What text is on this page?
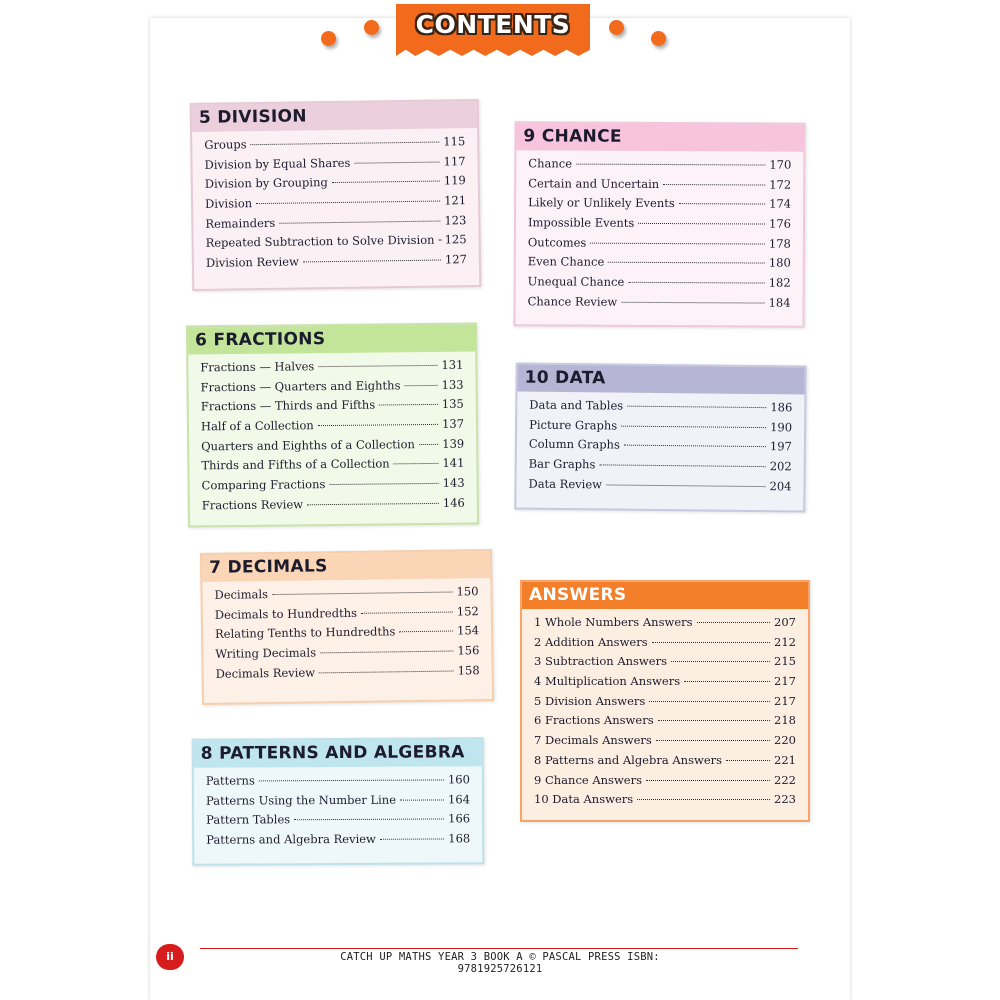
CONTENTS
5 DIVISION
Groups	115
Division by Equal Shares	117
Division by Grouping	119
Division	121
Remainders	123
Repeated Subtraction to Solve Division 125
Division Review	127
6 FRACTIONS
Fractions — Halves	131
Fractions — Quarters and Eighths	133
Fractions — Thirds and Fifths	135
Half of a Collection	137
Quarters and Eighths of a Collection 139
Thirds and Fifths of a Collection	141
Comparing Fractions	143
Fractions Review	146
7 DECIMALS
Decimals	150
Decimals to Hundredths	152
Relating Tenths to Hundredths	154
Writing Decimals	156
Decimals Review	158
8 PATTERNS AND ALGEBRA
Patterns	160
Patterns Using the Number Line	164
Pattern Tables	166
Patterns and Algebra Review	168
9 CHANCE
Chance	170
Certain and Uncertain	172
Likely or Unlikely Events	174
Impossible Events	176
Outcomes	178
Even Chance	180
Unequal Chance	182
Chance Review	184
10 DATA
Data and Tables	186
Picture Graphs	190
Column Graphs	197
Bar Graphs	202
Data Review	204
ANSWERS
1 Whole Numbers Answers	207
2 Addition Answers	212
3 Subtraction Answers	215
4 Multiplication Answers	217
5 Division Answers	217
6 Fractions Answers	218
7 Decimals Answers	220
8 Patterns and Algebra Answers	221
9 Chance Answers	222
10 Data Answers	223
ii	CATCH UP MATHS YEAR 3 BOOK A © PASCAL PRESS ISBN: 9781925726121
